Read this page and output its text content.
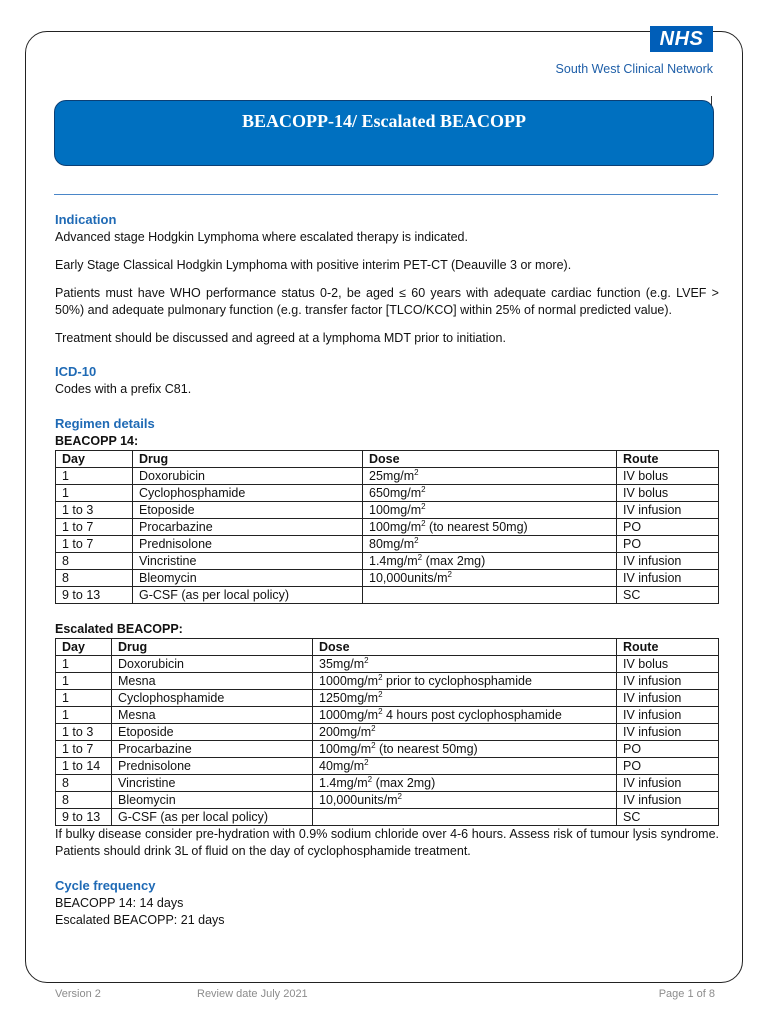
NHS
South West Clinical Network
BEACOPP-14/ Escalated BEACOPP

Indication

Advanced stage Hodgkin Lymphoma where escalated therapy is indicated.

Early Stage Classical Hodgkin Lymphoma with positive interim PET-CT (Deauville 3 or more).

Patients must have WHO performance status 0-2, be aged ≤ 60 years with adequate cardiac function (e.g. LVEF > 50%) and adequate pulmonary function (e.g. transfer factor [TLCO/KCO] within 25% of normal predicted value).

Treatment should be discussed and agreed at a lymphoma MDT prior to initiation.

ICD-10

Codes with a prefix C81.

Regimen details

BEACOPP 14:

Day	Drug	Dose	Route
1	Doxorubicin	$25mg/m^2$	IV bolus
1	Cyclophosphamide	$650mg/m^2$	IV bolus
1 to 3	Etoposide	$100mg/m^2$	IV infusion
1 to 7	Procarbazine	$100mg/m^2$ (to nearest 50mg)	PO
1 to 7	Prednisolone	$80mg/m^2$	PO
8	Vincristine	$1.4mg/m^2$ (max 2mg)	IV infusion
8	Bleomycin	$10,000units/m^2$	IV infusion
9 to 13	G-CSF (as per local policy)		SC

Escalated BEACOPP:

Day	Drug	Dose	Route
1	Doxorubicin	$35mg/m^2$	IV bolus
1	Mesna	$1000mg/m^2$ prior to cyclophosphamide	IV infusion
1	Cyclophosphamide	$1250mg/m^2$	IV infusion
1	Mesna	$1000mg/m^2$ 4 hours post cyclophosphamide	IV infusion
1 to 3	Etoposide	$200mg/m^2$	IV infusion
1 to 7	Procarbazine	$100mg/m^2$ (to nearest 50mg)	PO
1 to 14	Prednisolone	$40mg/m^2$	PO
8	Vincristine	$1.4mg/m^2$ (max 2mg)	IV infusion
8	Bleomycin	$10,000units/m^2$	IV infusion
9 to 13	G-CSF (as per local policy)		SC

If bulky disease consider pre-hydration with 0.9% sodium chloride over 4-6 hours. Assess risk of tumour lysis syndrome. Patients should drink 3L of fluid on the day of cyclophosphamide treatment.

Cycle frequency

BEACOPP 14: 14 days

Escalated BEACOPP: 21 days

Version 2	Review date July 2021	Page 1 of 8
